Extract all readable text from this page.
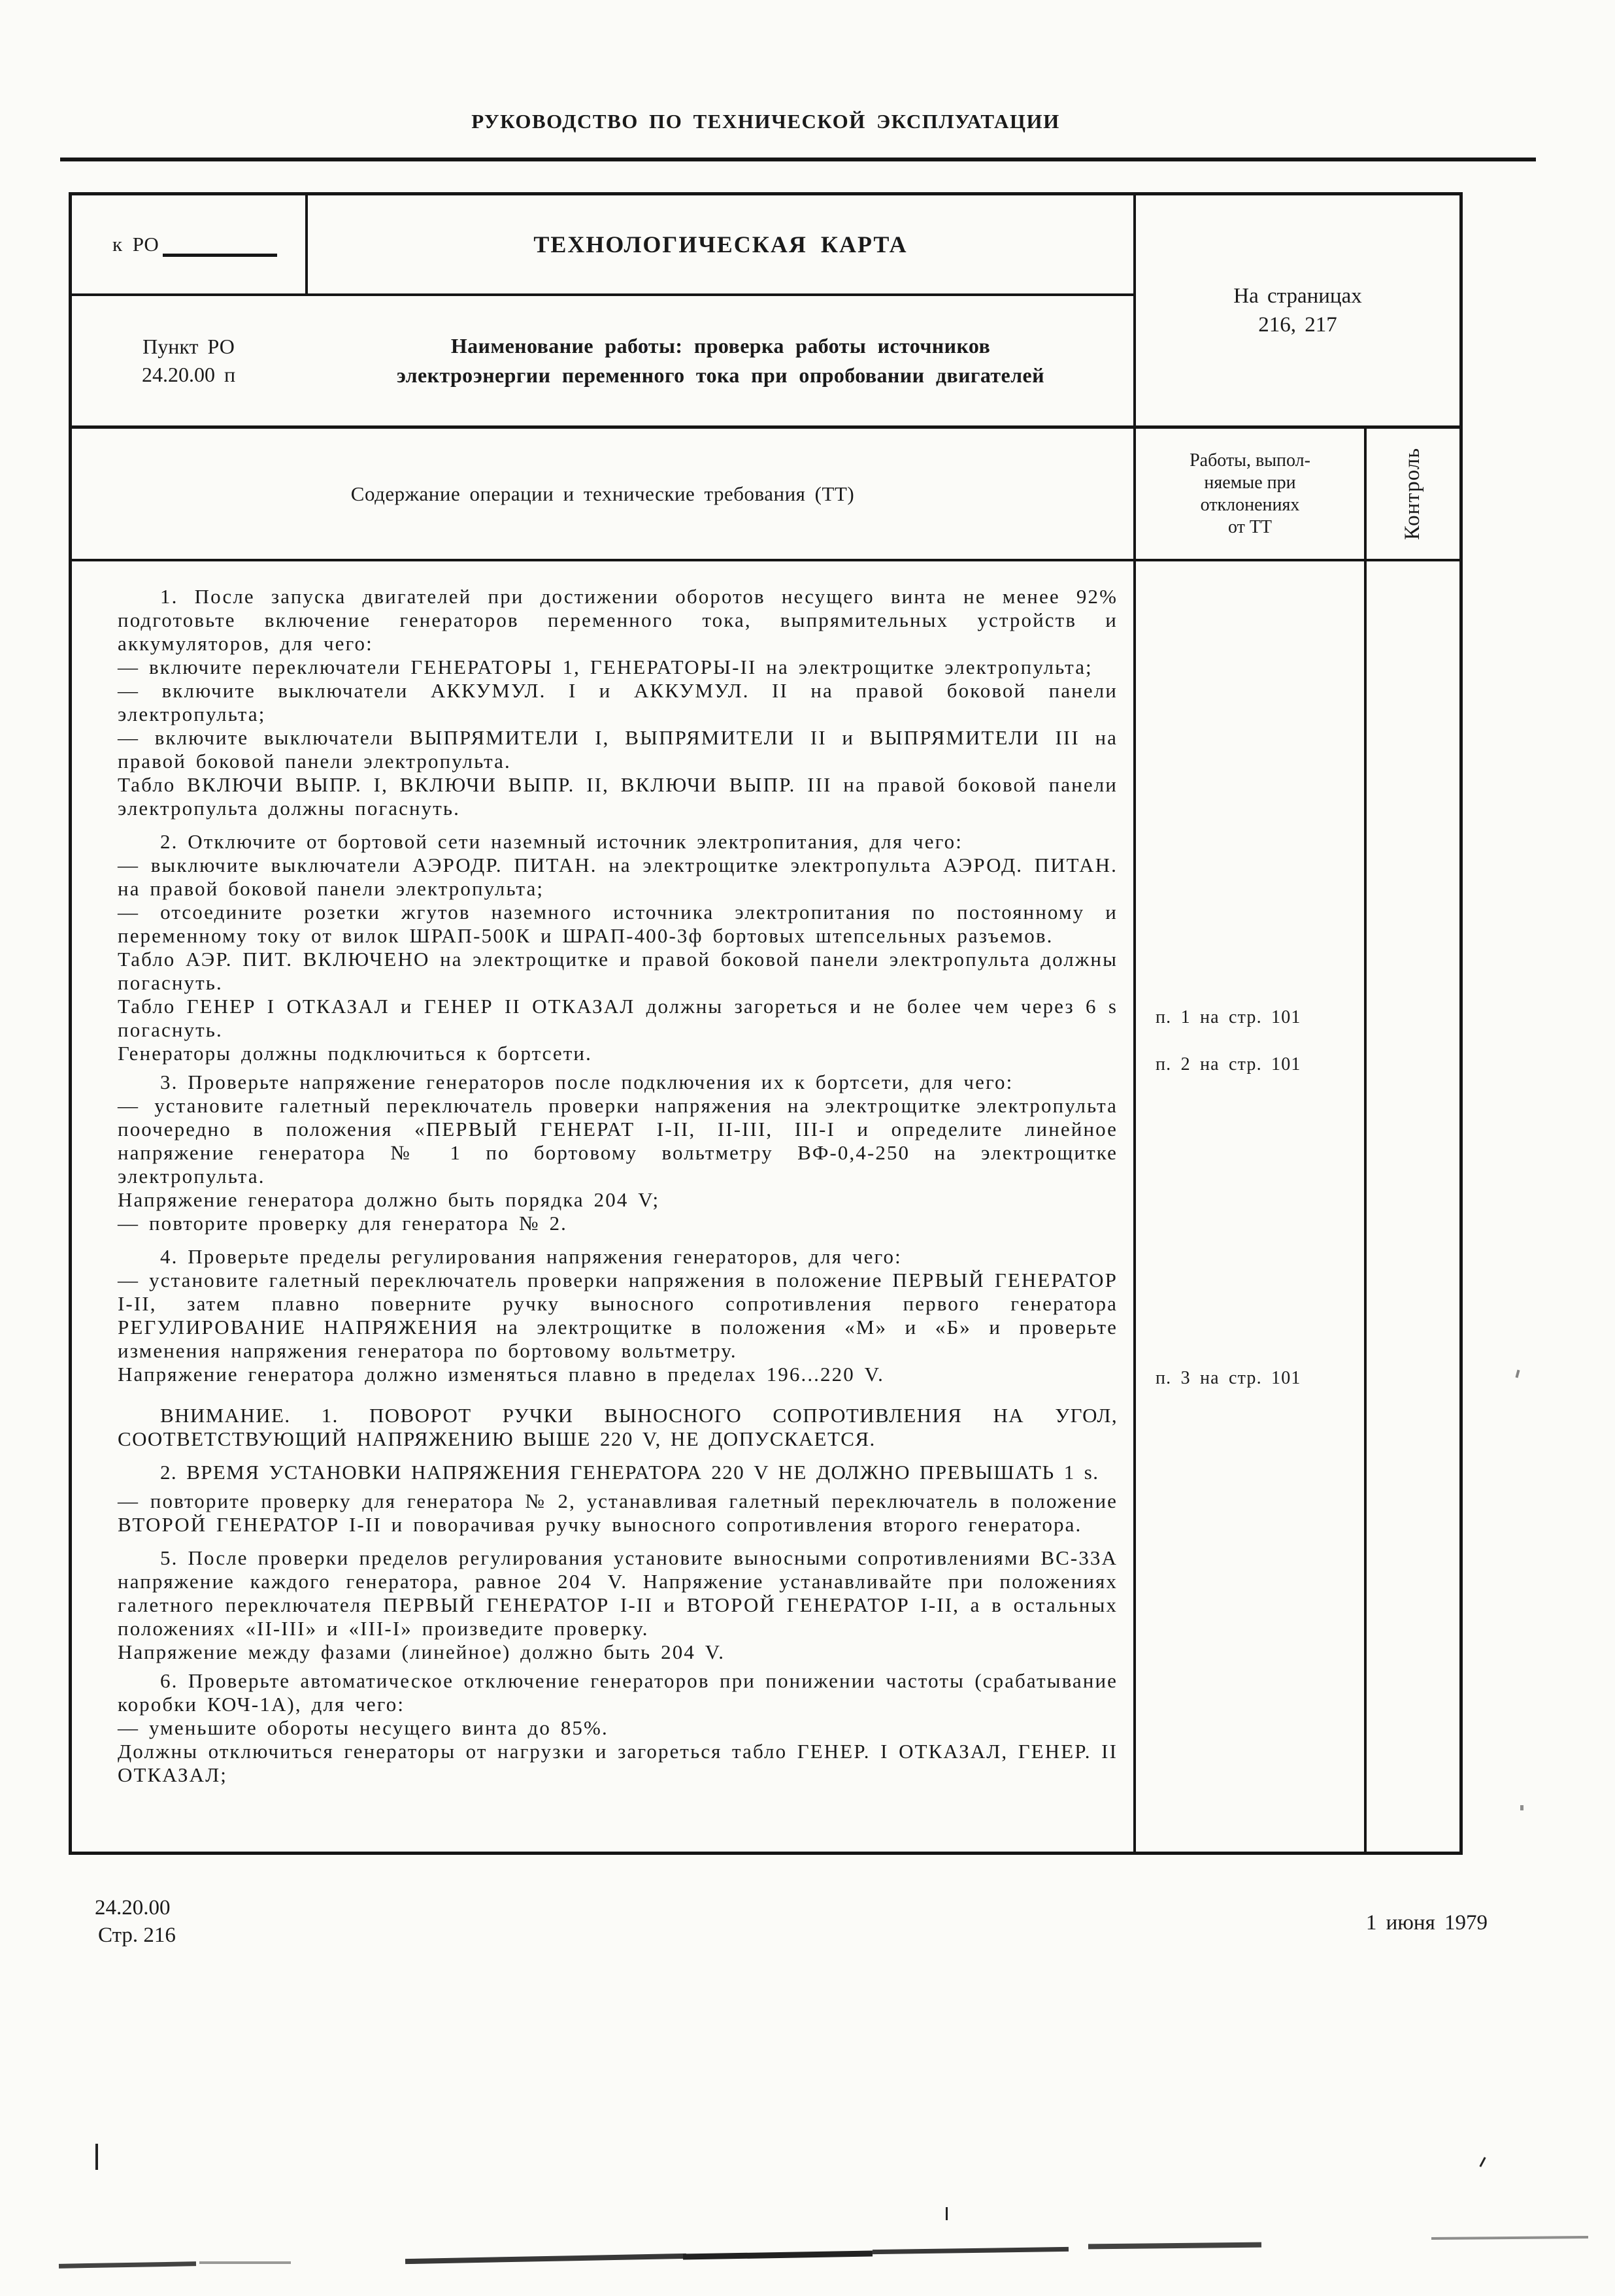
РУКОВОДСТВО ПО ТЕХНИЧЕСКОЙ ЭКСПЛУАТАЦИИ
к РО	ТЕХНОЛОГИЧЕСКАЯ КАРТА
На страницах
216, 217
Пункт РО
24.20.00 п
Наименование работы: проверка работы источников
электроэнергии переменного тока при опробовании двигателей
Содержание операции и технические требования (ТТ)
Работы, выпол-
няемые при
отклонениях
от ТТ	Контроль

1. После запуска двигателей при достижении оборотов несущего винта не менее 92% подготовьте включение генераторов переменного тока, выпрямительных устройств и аккумуляторов, для чего:

— включите переключатели ГЕНЕРАТОРЫ 1, ГЕНЕРАТОРЫ-II на электрощитке электропульта;

— включите выключатели АККУМУЛ. I и АККУМУЛ. II на правой боковой панели электропульта;

— включите выключатели ВЫПРЯМИТЕЛИ I, ВЫПРЯМИТЕЛИ II и ВЫПРЯМИТЕЛИ III на правой боковой панели электропульта.

Табло ВКЛЮЧИ ВЫПР. I, ВКЛЮЧИ ВЫПР. II, ВКЛЮЧИ ВЫПР. III на правой боковой панели электропульта должны погаснуть.

2. Отключите от бортовой сети наземный источник электропитания, для чего:

— выключите выключатели АЭРОДР. ПИТАН. на электрощитке электропульта АЭРОД. ПИТАН. на правой боковой панели электропульта;

— отсоедините розетки жгутов наземного источника электропитания по постоянному и переменному току от вилок ШРАП-500К и ШРАП-400-3ф бортовых штепсельных разъемов.

Табло АЭР. ПИТ. ВКЛЮЧЕНО на электрощитке и правой боковой панели электропульта должны погаснуть.

Табло ГЕНЕР I ОТКАЗАЛ и ГЕНЕР II ОТКАЗАЛ должны загореться и не более чем через 6 s погаснуть.

Генераторы должны подключиться к бортсети.

3. Проверьте напряжение генераторов после подключения их к бортсети, для чего:

— установите галетный переключатель проверки напряжения на электрощитке электропульта поочередно в положения «ПЕРВЫЙ ГЕНЕРАТ I-II, II-III, III-I и определите линейное напряжение генератора № 1 по бортовому вольтметру ВФ-0,4-250 на электрощитке электропульта.

Напряжение генератора должно быть порядка 204 V;

— повторите проверку для генератора № 2.

4. Проверьте пределы регулирования напряжения генераторов, для чего:

— установите галетный переключатель проверки напряжения в положение ПЕРВЫЙ ГЕНЕРАТОР I-II, затем плавно поверните ручку выносного сопротивления первого генератора РЕГУЛИРОВАНИЕ НАПРЯЖЕНИЯ на электрощитке в положения «М» и «Б» и проверьте изменения напряжения генератора по бортовому вольтметру.

Напряжение генератора должно изменяться плавно в пределах 196...220 V.

ВНИМАНИЕ. 1. ПОВОРОТ РУЧКИ ВЫНОСНОГО СОПРОТИВЛЕНИЯ НА УГОЛ, СООТВЕТСТВУЮЩИЙ НАПРЯЖЕНИЮ ВЫШЕ 220 V, НЕ ДОПУСКАЕТСЯ.

2. ВРЕМЯ УСТАНОВКИ НАПРЯЖЕНИЯ ГЕНЕРАТОРА 220 V НЕ ДОЛЖНО ПРЕВЫШАТЬ 1 s.

— повторите проверку для генератора № 2, устанавливая галетный переключатель в положение ВТОРОЙ ГЕНЕРАТОР I-II и поворачивая ручку выносного сопротивления второго генератора.

5. После проверки пределов регулирования установите выносными сопротивлениями ВС-33А напряжение каждого генератора, равное 204 V. Напряжение устанавливайте при положениях галетного переключателя ПЕРВЫЙ ГЕНЕРАТОР I-II и ВТОРОЙ ГЕНЕРАТОР I-II, а в остальных положениях «II-III» и «III-I» произведите проверку.

Напряжение между фазами (линейное) должно быть 204 V.

6. Проверьте автоматическое отключение генераторов при понижении частоты (срабатывание коробки КОЧ-1А), для чего:

— уменьшите обороты несущего винта до 85%.

Должны отключиться генераторы от нагрузки и загореться табло ГЕНЕР. I ОТКАЗАЛ, ГЕНЕР. II ОТКАЗАЛ;

п. 1 на стр. 101
п. 2 на стр. 101
п. 3 на стр. 101
24.20.00
Стр. 216
1 июня 1979
